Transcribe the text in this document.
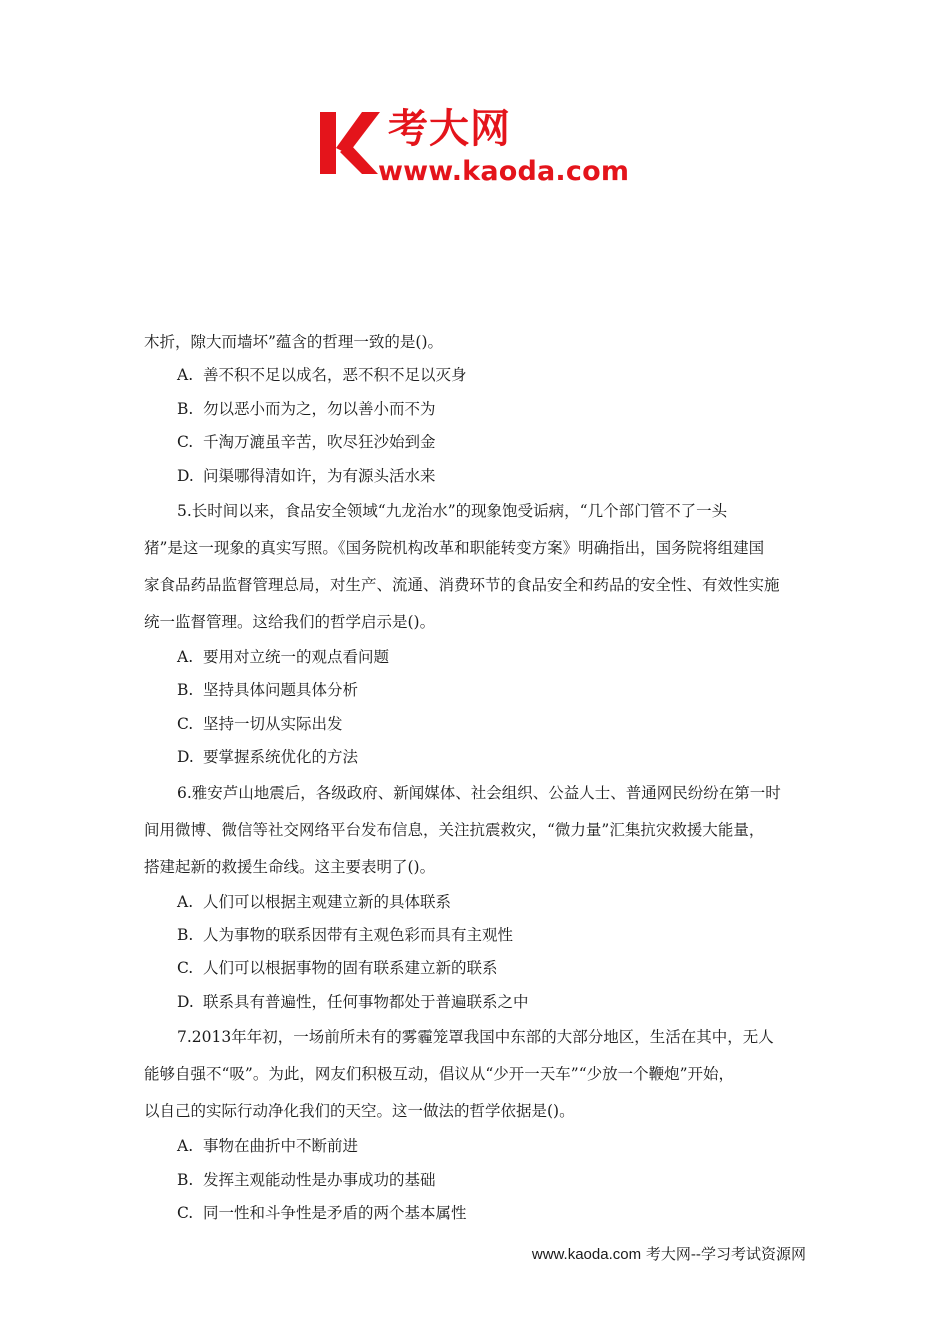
考大网
www.kaoda.com
木折，隙大而墙坏”蕴含的哲理一致的是()。
A. 善不积不足以成名，恶不积不足以灭身
B. 勿以恶小而为之，勿以善小而不为
C. 千淘万漉虽辛苦，吹尽狂沙始到金
D. 问渠哪得清如许，为有源头活水来
5.长时间以来，食品安全领域“九龙治水”的现象饱受诟病，“几个部门管不了一头
猪”是这一现象的真实写照。《国务院机构改革和职能转变方案》明确指出，国务院将组建国
家食品药品监督管理总局，对生产、流通、消费环节的食品安全和药品的安全性、有效性实施
统一监督管理。这给我们的哲学启示是()。
A. 要用对立统一的观点看问题
B. 坚持具体问题具体分析
C. 坚持一切从实际出发
D. 要掌握系统优化的方法
6.雅安芦山地震后，各级政府、新闻媒体、社会组织、公益人士、普通网民纷纷在第一时
间用微博、微信等社交网络平台发布信息，关注抗震救灾，“微力量”汇集抗灾救援大能量，
搭建起新的救援生命线。这主要表明了()。
A. 人们可以根据主观建立新的具体联系
B. 人为事物的联系因带有主观色彩而具有主观性
C. 人们可以根据事物的固有联系建立新的联系
D. 联系具有普遍性，任何事物都处于普遍联系之中
7.2013年年初，一场前所未有的雾霾笼罩我国中东部的大部分地区，生活在其中，无人
能够自强不“吸”。为此，网友们积极互动，倡议从“少开一天车”“少放一个鞭炮”开始，
以自己的实际行动净化我们的天空。这一做法的哲学依据是()。
A. 事物在曲折中不断前进
B. 发挥主观能动性是办事成功的基础
C. 同一性和斗争性是矛盾的两个基本属性
www.kaoda.com 考大网--学习考试资源网
